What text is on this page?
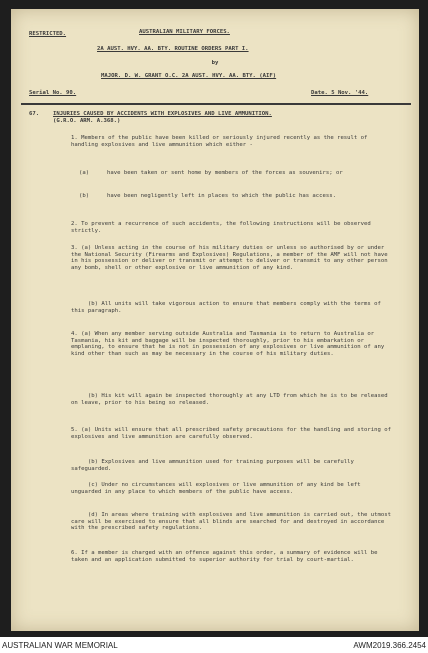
RESTRICTED.	AUSTRALIAN MILITARY FORCES.
2A AUST. HVY. AA. BTY. ROUTINE ORDERS PART I.
by
MAJOR. D. W. GRANT O.C. 2A AUST. HVY. AA. BTY. (AIF)
Serial No. 90.	Date. 5 Nov. '44.
67. INJURIES CAUSED BY ACCIDENTS WITH EXPLOSIVES AND LIVE AMMUNITION.
(G.R.O. ARM. A.368.)
1. Members of the public have been killed or seriously injured recently as the result of handling explosives and live ammunition which either -
(a)	have been taken or sent home by members of the forces as souvenirs; or
(b)	have been negligently left in places to which the public has access.
2. To prevent a recurrence of such accidents, the following instructions will be observed strictly.
3. (a) Unless acting in the course of his military duties or unless so authorised by or under the National Security (Firearms and Explosives) Regulations, a member of the AMF will not have in his possession or deliver or transmit or attempt to deliver or transmit to any other person any bomb, shell or other explosive or live ammunition of any kind.
(b) All units will take vigorous action to ensure that members comply with the terms of this paragraph.
4. (a) When any member serving outside Australia and Tasmania is to return to Australia or Tasmania, his kit and baggage will be inspected thoroughly, prior to his embarkation or emplaning, to ensure that he is not in possession of any explosives or live ammunition of any kind other than such as may be necessary in the course of his military duties.
(b) His kit will again be inspected thoroughly at any LTD from which he is to be released on leave, prior to his being so released.
5. (a) Units will ensure that all prescribed safety precautions for the handling and storing of explosives and live ammunition are carefully observed.
(b) Explosives and live ammunition used for training purposes will be carefully safeguarded.
(c) Under no circumstances will explosives or live ammunition of any kind be left unguarded in any place to which members of the public have access.
(d) In areas where training with explosives and live ammunition is carried out, the utmost care will be exercised to ensure that all blinds are searched for and destroyed in accordance with the prescribed safety regulations.
6. If a member is charged with an offence against this order, a summary of evidence will be taken and an application submitted to superior authority for trial by court-martial.
AUSTRALIAN WAR MEMORIAL	AWM2019.366.2454
